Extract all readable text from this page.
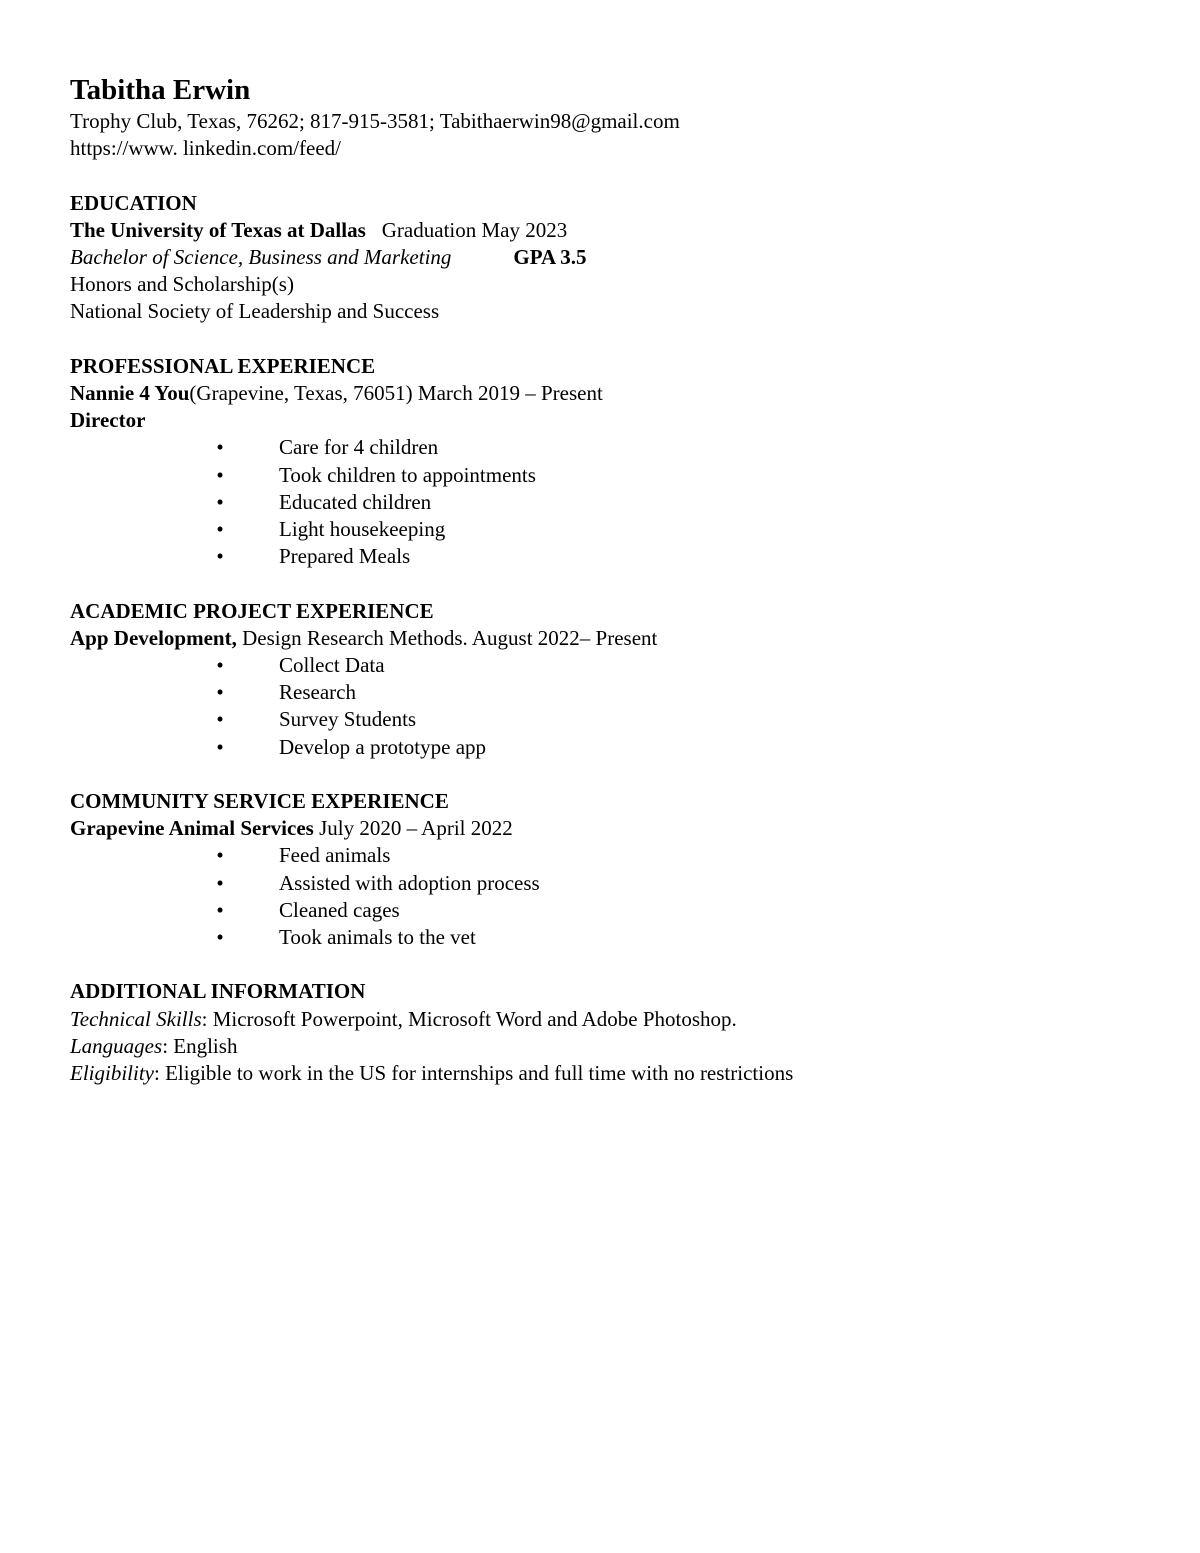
Tabitha Erwin

Trophy Club, Texas, 76262; 817-915-3581; Tabithaerwin98@gmail.com

https://www. linkedin.com/feed/

EDUCATION

The University of Texas at Dallas Graduation May 2023

Bachelor of Science, Business and Marketing	GPA 3.5

Honors and Scholarship(s)

National Society of Leadership and Success

PROFESSIONAL EXPERIENCE

Nannie 4 You(Grapevine, Texas, 76051) March 2019 – Present

Director

•	Care for 4 children
•	Took children to appointments
•	Educated children
•	Light housekeeping
•	Prepared Meals

ACADEMIC PROJECT EXPERIENCE

App Development, Design Research Methods. August 2022– Present

•	Collect Data
•	Research
•	Survey Students
•	Develop a prototype app

COMMUNITY SERVICE EXPERIENCE

Grapevine Animal Services July 2020 – April 2022

•	Feed animals
•	Assisted with adoption process
•	Cleaned cages
•	Took animals to the vet

ADDITIONAL INFORMATION

Technical Skills: Microsoft Powerpoint, Microsoft Word and Adobe Photoshop.

Languages: English

Eligibility: Eligible to work in the US for internships and full time with no restrictions
